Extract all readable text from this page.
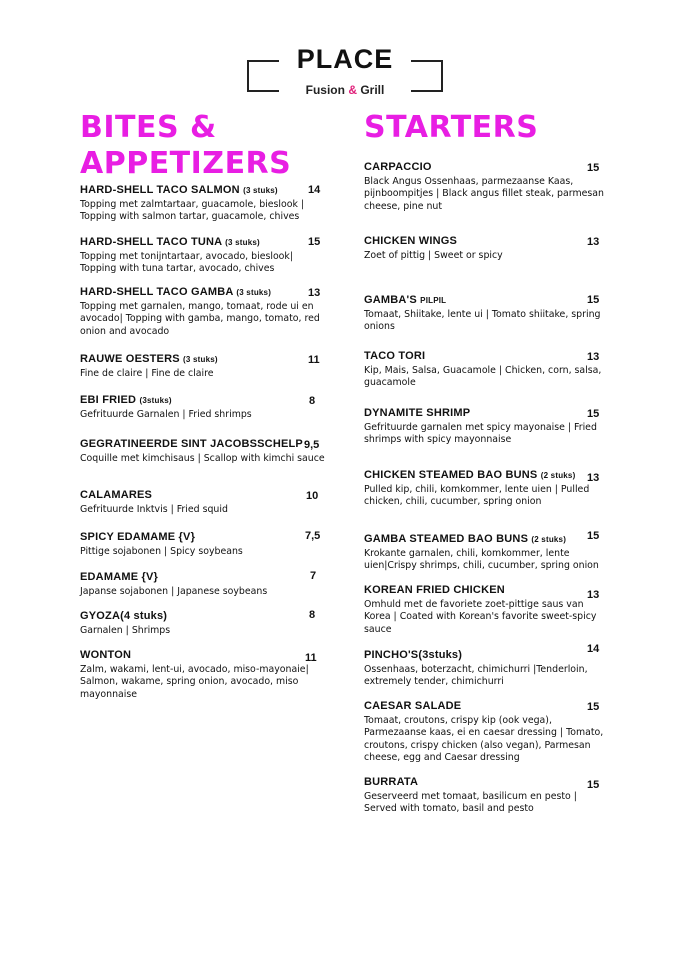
PLACE
Fusion & Grill
BITES & APPETIZERS
STARTERS
HARD-SHELL TACO SALMON (3 stuks)
Topping met zalmtartaar, guacamole, bieslook | Topping with salmon tartar, guacamole, chives
HARD-SHELL TACO TUNA (3 stuks)
Topping met tonijntartaar, avocado, bieslook| Topping with tuna tartar, avocado, chives
HARD-SHELL TACO GAMBA (3 stuks)
Topping met garnalen, mango, tomaat, rode ui en avocado| Topping with gamba, mango, tomato, red onion and avocado
RAUWE OESTERS (3 stuks)
Fine de claire | Fine de claire
EBI FRIED (3stuks)
Gefrituurde Garnalen | Fried shrimps
GEGRATINEERDE SINT JACOBSSCHELP
Coquille met kimchisaus | Scallop with kimchi sauce
CALAMARES
Gefrituurde Inktvis | Fried squid
SPICY EDAMAME {V}
Pittige sojabonen | Spicy soybeans
EDAMAME {V}
Japanse sojabonen | Japanese soybeans
GYOZA(4 stuks)
Garnalen | Shrimps
WONTON
Zalm, wakami, lent-ui, avocado, miso-mayonaie| Salmon, wakame, spring onion, avocado, miso mayonnaise
14
15
13
11
8
9,5
10
7,5
7
8
11
CARPACCIO
Black Angus Ossenhaas, parmezaanse Kaas, pijnboompitjes | Black angus fillet steak, parmesan cheese, pine nut
CHICKEN WINGS
Zoet of pittig | Sweet or spicy
GAMBA'S PILPIL
Tomaat, Shiitake, lente ui | Tomato shiitake, spring onions
TACO TORI
Kip, Mais, Salsa, Guacamole | Chicken, corn, salsa, guacamole
DYNAMITE SHRIMP
Gefrituurde garnalen met spicy mayonaise | Fried shrimps with spicy mayonnaise
CHICKEN STEAMED BAO BUNS (2 stuks)
Pulled kip, chili, komkommer, lente uien | Pulled chicken, chili, cucumber, spring onion
GAMBA STEAMED BAO BUNS (2 stuks)
Krokante garnalen, chili, komkommer, lente uien|Crispy shrimps, chili, cucumber, spring onion
KOREAN FRIED CHICKEN
Omhuld met de favoriete zoet-pittige saus van Korea | Coated with Korean's favorite sweet-spicy sauce
PINCHO'S(3stuks)
Ossenhaas, boterzacht, chimichurri |Tenderloin, extremely tender, chimichurri
CAESAR SALADE
Tomaat, croutons, crispy kip (ook vega), Parmezaanse kaas, ei en caesar dressing | Tomato, croutons, crispy chicken (also vegan), Parmesan cheese, egg and Caesar dressing
BURRATA
Geserveerd met tomaat, basilicum en pesto | Served with tomato, basil and pesto
15
13
15
13
15
13
15
13
14
15
15
